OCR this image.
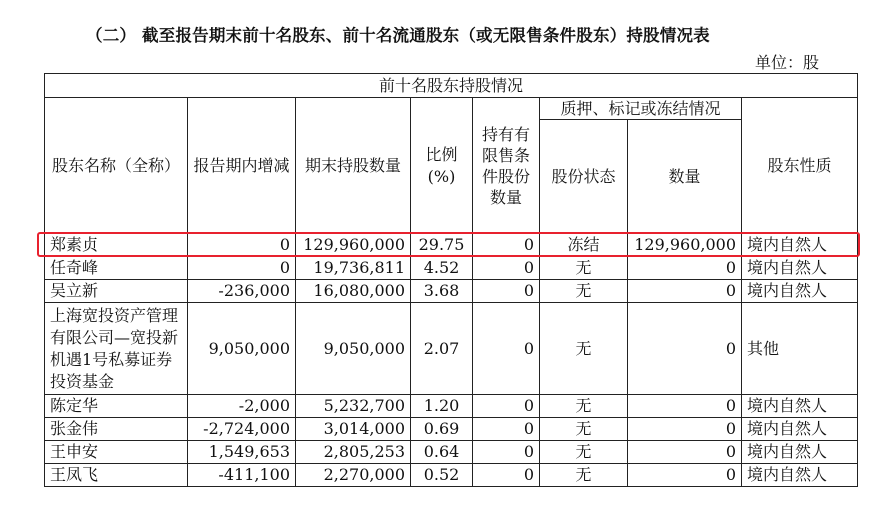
（二） 截至报告期末前十名股东、前十名流通股东（或无限售条件股东）持股情况表
单位：股
前十名股东持股情况							
股东名称（全称）	报告期内增减	期末持股数量	比例(%)	持有有限售条件股份数量	质押、标记或冻结情况		股东性质
					股份状态	数量	
郑素贞	0	129,960,000	29.75	0	冻结	129,960,000	境内自然人
任奇峰	0	19,736,811	4.52	0	无	0	境内自然人
吴立新	-236,000	16,080,000	3.68	0	无	0	境内自然人
上海宽投资产管理有限公司—宽投新机遇1号私募证券投资基金	9,050,000	9,050,000	2.07	0	无	0	其他
陈定华	-2,000	5,232,700	1.20	0	无	0	境内自然人
张金伟	-2,724,000	3,014,000	0.69	0	无	0	境内自然人
王申安	1,549,653	2,805,253	0.64	0	无	0	境内自然人
王凤飞	-411,100	2,270,000	0.52	0	无	0	境内自然人
